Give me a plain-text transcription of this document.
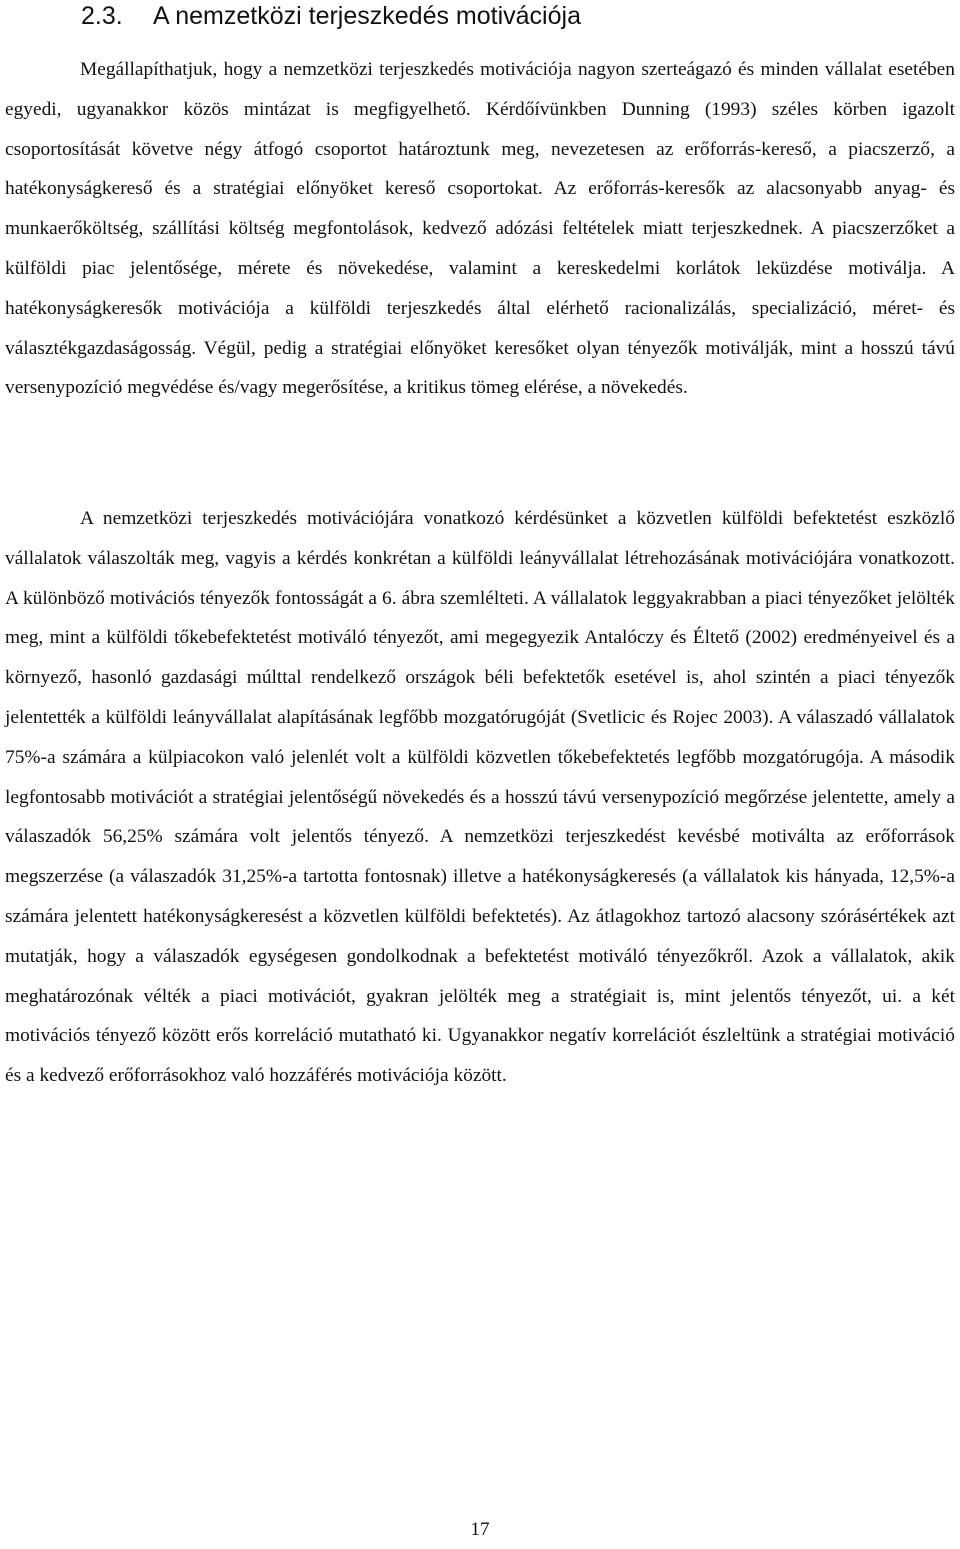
2.3. A nemzetközi terjeszkedés motivációja

Megállapíthatjuk, hogy a nemzetközi terjeszkedés motivációja nagyon szerteágazó és minden vállalat esetében egyedi, ugyanakkor közös mintázat is megfigyelhető. Kérdőívünkben Dunning (1993) széles körben igazolt csoportosítását követve négy átfogó csoportot határoztunk meg, nevezetesen az erőforrás-kereső, a piacszerző, a hatékonyságkereső és a stratégiai előnyöket kereső csoportokat. Az erőforrás-keresők az alacsonyabb anyag- és munkaerőköltség, szállítási költség megfontolások, kedvező adózási feltételek miatt terjeszkednek. A piacszerzőket a külföldi piac jelentősége, mérete és növekedése, valamint a kereskedelmi korlátok leküzdése motiválja. A hatékonyságkeresők motivációja a külföldi terjeszkedés által elérhető racionalizálás, specializáció, méret- és választékgazdaságosság. Végül, pedig a stratégiai előnyöket keresőket olyan tényezők motiválják, mint a hosszú távú versenypozíció megvédése és/vagy megerősítése, a kritikus tömeg elérése, a növekedés.

A nemzetközi terjeszkedés motivációjára vonatkozó kérdésünket a közvetlen külföldi befektetést eszközlő vállalatok válaszolták meg, vagyis a kérdés konkrétan a külföldi leányvállalat létrehozásának motivációjára vonatkozott. A különböző motivációs tényezők fontosságát a 6. ábra szemlélteti. A vállalatok leggyakrabban a piaci tényezőket jelölték meg, mint a külföldi tőkebefektetést motiváló tényezőt, ami megegyezik Antalóczy és Éltető (2002) eredményeivel és a környező, hasonló gazdasági múlttal rendelkező országok béli befektetők esetével is, ahol szintén a piaci tényezők jelentették a külföldi leányvállalat alapításának legfőbb mozgatórugóját (Svetlicic és Rojec 2003). A válaszadó vállalatok 75%-a számára a külpiacokon való jelenlét volt a külföldi közvetlen tőkebefektetés legfőbb mozgatórugója. A második legfontosabb motivációt a stratégiai jelentőségű növekedés és a hosszú távú versenypozíció megőrzése jelentette, amely a válaszadók 56,25% számára volt jelentős tényező. A nemzetközi terjeszkedést kevésbé motiválta az erőforrások megszerzése (a válaszadók 31,25%-a tartotta fontosnak) illetve a hatékonyságkeresés (a vállalatok kis hányada, 12,5%-a számára jelentett hatékonyságkeresést a közvetlen külföldi befektetés). Az átlagokhoz tartozó alacsony szórásértékek azt mutatják, hogy a válaszadók egységesen gondolkodnak a befektetést motiváló tényezőkről. Azok a vállalatok, akik meghatározónak vélték a piaci motivációt, gyakran jelölték meg a stratégiait is, mint jelentős tényezőt, ui. a két motivációs tényező között erős korreláció mutatható ki. Ugyanakkor negatív korrelációt észleltünk a stratégiai motiváció és a kedvező erőforrásokhoz való hozzáférés motivációja között.

17
